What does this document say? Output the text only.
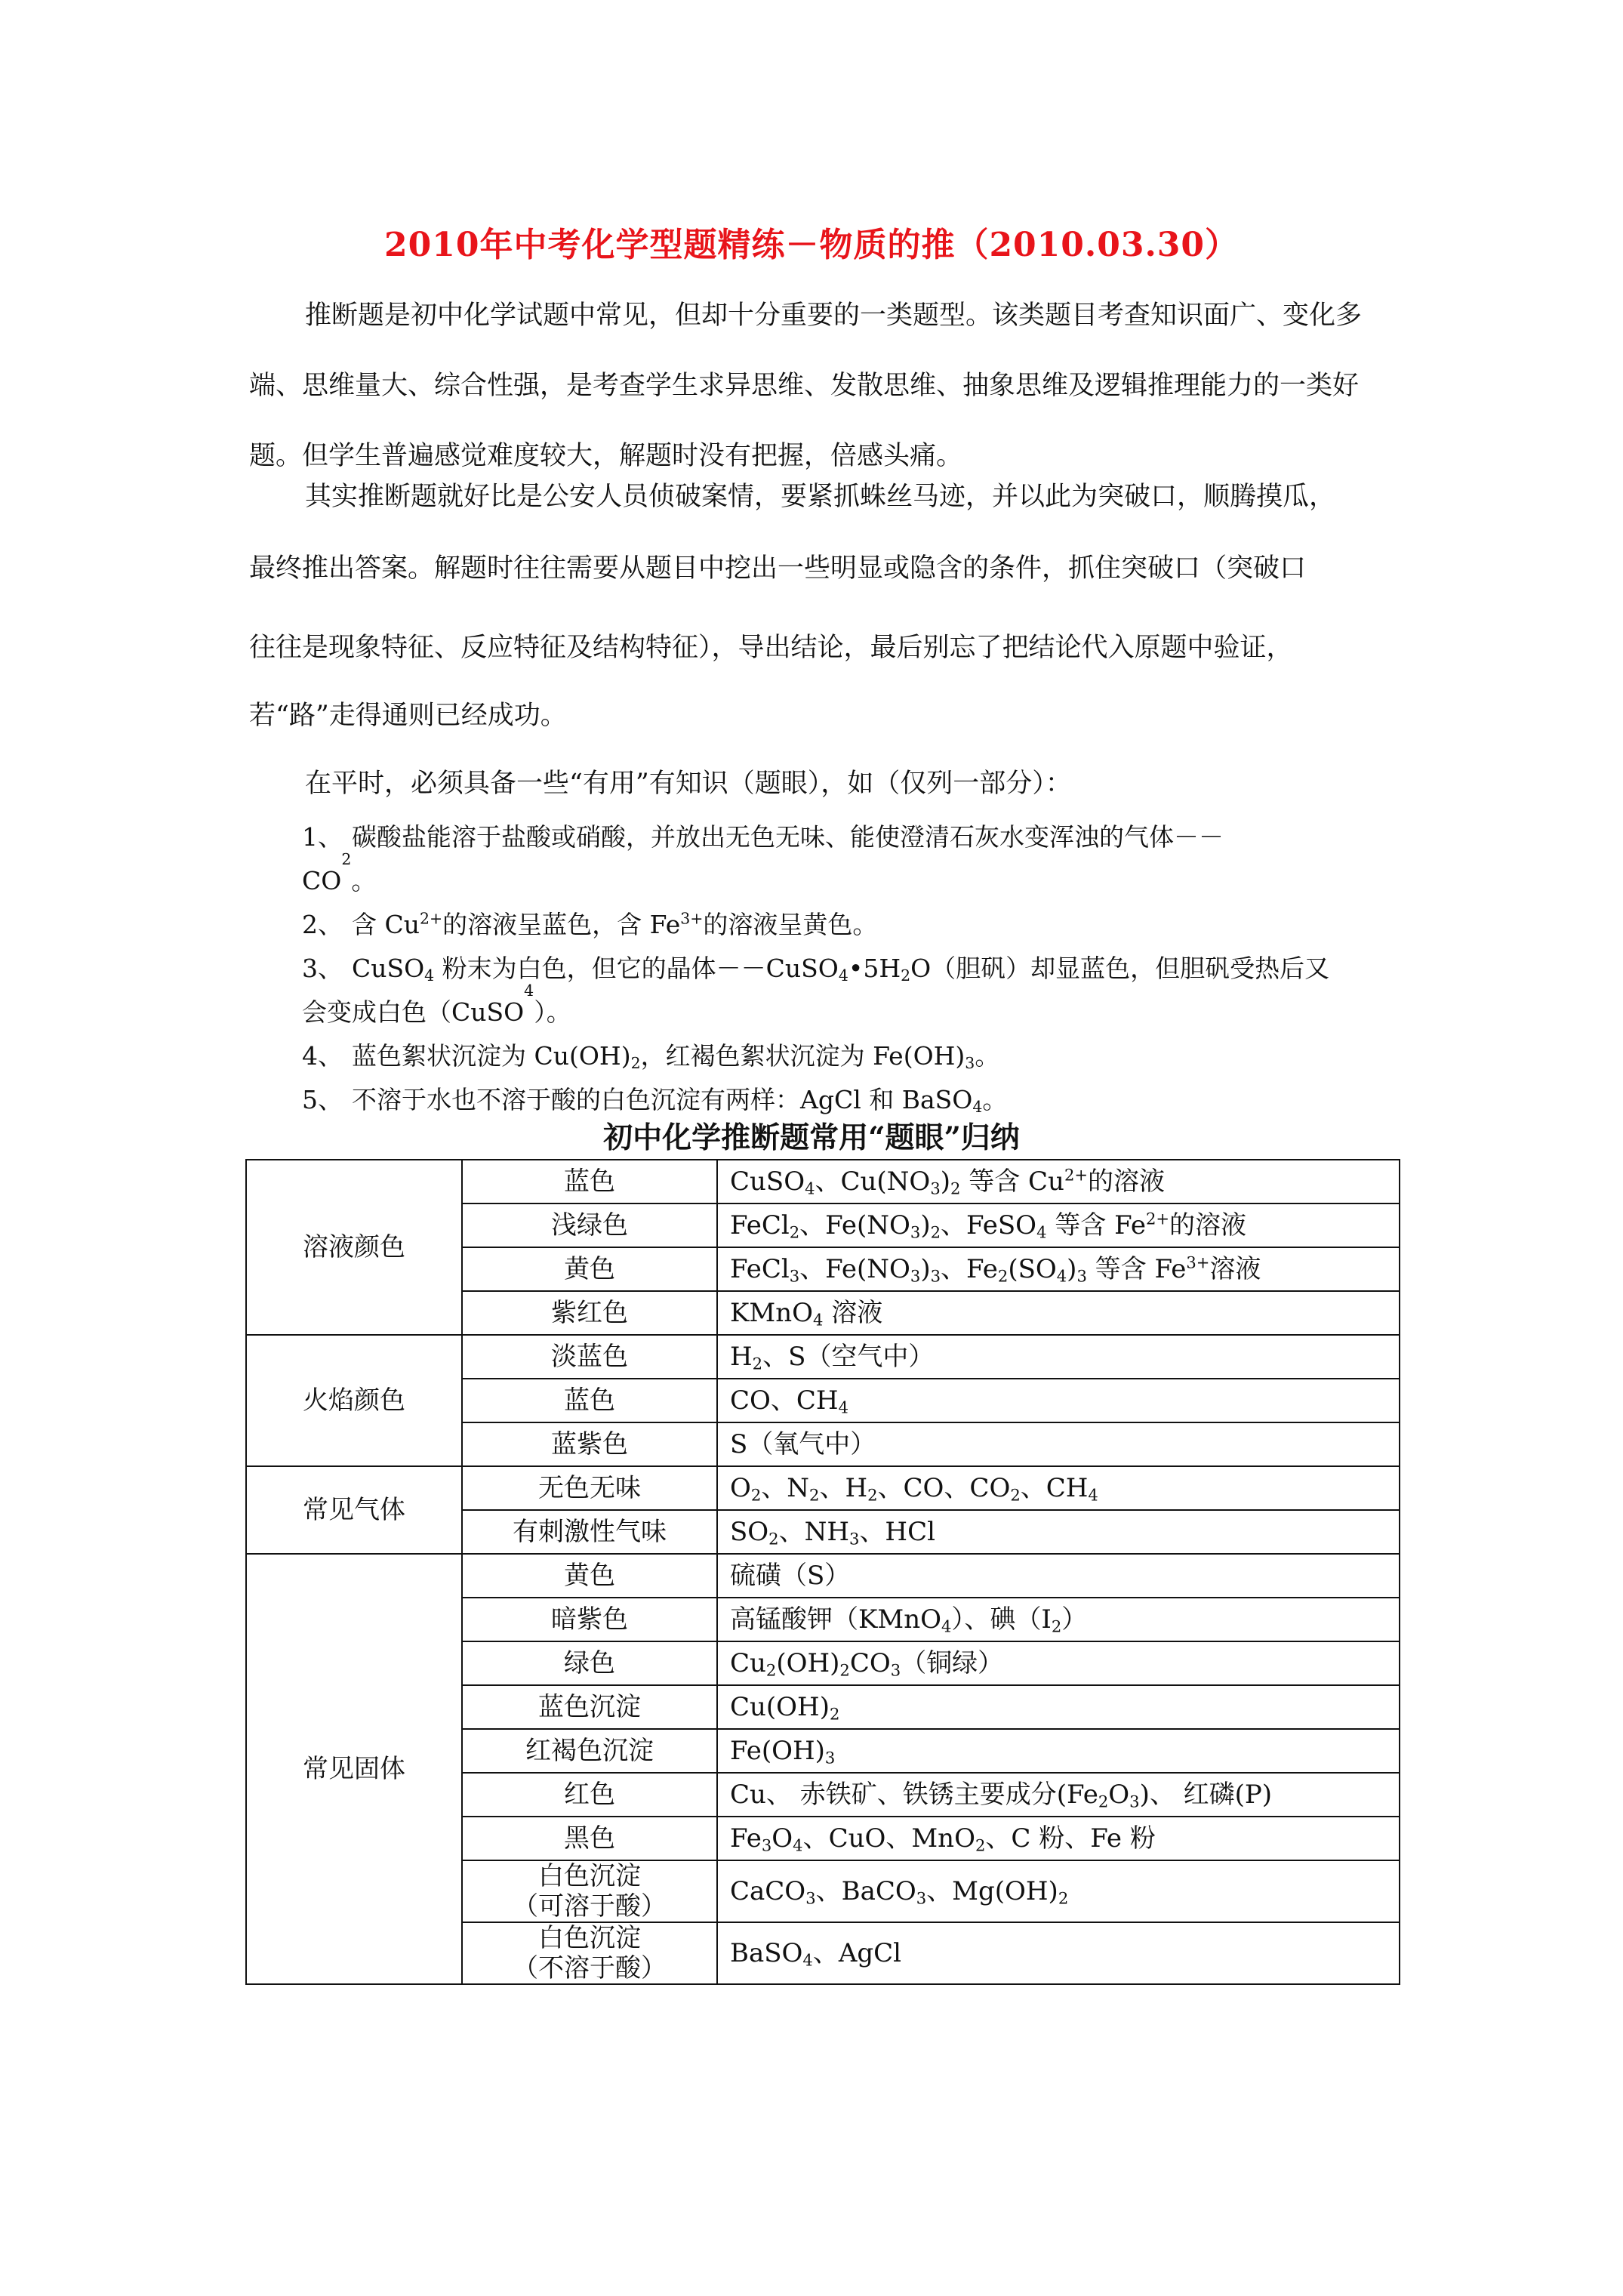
2010年中考化学型题精练－物质的推（2010.03.30）
推断题是初中化学试题中常见，但却十分重要的一类题型。该类题目考查知识面广、变化多端、思维量大、综合性强，是考查学生求异思维、发散思维、抽象思维及逻辑推理能力的一类好题。但学生普遍感觉难度较大，解题时没有把握，倍感头痛。
其实推断题就好比是公安人员侦破案情，要紧抓蛛丝马迹，并以此为突破口，顺腾摸瓜，
最终推出答案。解题时往往需要从题目中挖出一些明显或隐含的条件，抓住突破口（突破口
往往是现象特征、反应特征及结构特征），导出结论，最后别忘了把结论代入原题中验证，
若“路”走得通则已经成功。
在平时，必须具备一些“有用”有知识（题眼），如（仅列一部分）：
1、 碳酸盐能溶于盐酸或硝酸，并放出无色无味、能使澄清石灰水变浑浊的气体－－
CO
2
。
2、 含 $Cu^{2+}$的溶液呈蓝色，含 $Fe^{3+}$的溶液呈黄色。
3、 CuSO$_4$ 粉末为白色，但它的晶体$--CuSO_4•5H_2O$（胆矾）却显蓝色，但胆矾受热后又
会变成白色（CuSO
4
）。
4、 蓝色絮状沉淀为 $Cu(OH)_2$，红褐色絮状沉淀为 $Fe(OH)_3$。
5、 不溶于水也不溶于酸的白色沉淀有两样：AgCl 和 BaSO$_4$。
初中化学推断题常用“题眼”归纳
溶液颜色	蓝色	CuSO$_4$、$Cu(NO_3)_2$ 等含 $Cu^{2+}$的溶液
	浅绿色	FeCl$_2$、$Fe(NO_3)_2$、FeSO$_4$ 等含 $Fe^{2+}$的溶液
	黄色	FeCl$_3$、$Fe(NO_3)_3$、$Fe_2(SO_4)_3$ 等含 $Fe^{3+}$溶液
	紫红色	KMnO$_4$ 溶液
火焰颜色	淡蓝色	$H_2$、S（空气中）
	蓝色	CO、$CH_4$
	蓝紫色	S（氧气中）
常见气体	无色无味	$O_2$、$N_2$、$H_2$、CO、$CO_2$、$CH_4$
	有刺激性气味	$SO_2$、$NH_3$、HCl
常见固体	黄色	硫磺（S）
	暗紫色	高锰酸钾（KMnO$_4$）、碘$(I_2)$
	绿色	$Cu_2(OH)_2CO_3$（铜绿）
	蓝色沉淀	$Cu(OH)_2$
	红褐色沉淀	$Fe(OH)_3$
	红色	Cu、 赤铁矿、铁锈主要成分$(Fe_2O_3)$、 红磷(P)
	黑色	$Fe_3O_4$、CuO、MnO$_2$、C 粉、Fe 粉
	白色沉淀
（可溶于酸）	CaCO$_3$、BaCO$_3$、$Mg(OH)_2$
	白色沉淀
（不溶于酸）	BaSO$_4$、AgCl
